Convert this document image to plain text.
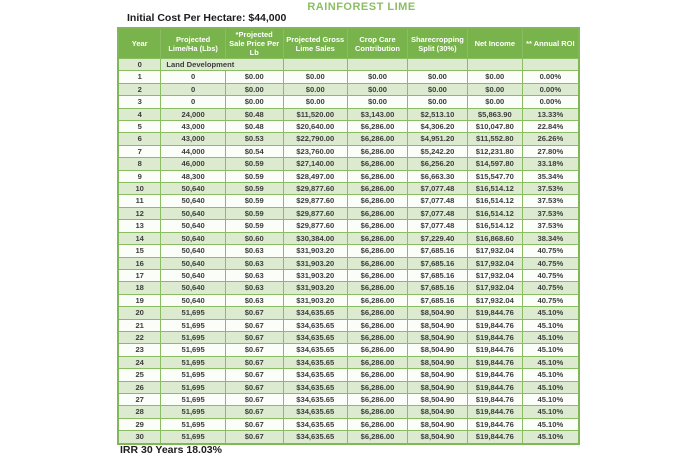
RAINFOREST LIME
Initial Cost Per Hectare: $44,000
Year	Projected Lime/Ha (Lbs)	*Projected Sale Price Per Lb	Projected Gross Lime Sales	Crop Care Contribution	Sharecropping Split (30%)	Net Income	** Annual ROI
0	Land Development						
1	0	$0.00	$0.00	$0.00	$0.00	$0.00	0.00%
2	0	$0.00	$0.00	$0.00	$0.00	$0.00	0.00%
3	0	$0.00	$0.00	$0.00	$0.00	$0.00	0.00%
4	24,000	$0.48	$11,520.00	$3,143.00	$2,513.10	$5,863.90	13.33%
5	43,000	$0.48	$20,640.00	$6,286.00	$4,306.20	$10,047.80	22.84%
6	43,000	$0.53	$22,790.00	$6,286.00	$4,951.20	$11,552.80	26.26%
7	44,000	$0.54	$23,760.00	$6,286.00	$5,242.20	$12,231.80	27.80%
8	46,000	$0.59	$27,140.00	$6,286.00	$6,256.20	$14,597.80	33.18%
9	48,300	$0.59	$28,497.00	$6,286.00	$6,663.30	$15,547.70	35.34%
10	50,640	$0.59	$29,877.60	$6,286.00	$7,077.48	$16,514.12	37.53%
11	50,640	$0.59	$29,877.60	$6,286.00	$7,077.48	$16,514.12	37.53%
12	50,640	$0.59	$29,877.60	$6,286.00	$7,077.48	$16,514.12	37.53%
13	50,640	$0.59	$29,877.60	$6,286.00	$7,077.48	$16,514.12	37.53%
14	50,640	$0.60	$30,384.00	$6,286.00	$7,229.40	$16,868.60	38.34%
15	50,640	$0.63	$31,903.20	$6,286.00	$7,685.16	$17,932.04	40.75%
16	50,640	$0.63	$31,903.20	$6,286.00	$7,685.16	$17,932.04	40.75%
17	50,640	$0.63	$31,903.20	$6,286.00	$7,685.16	$17,932.04	40.75%
18	50,640	$0.63	$31,903.20	$6,286.00	$7,685.16	$17,932.04	40.75%
19	50,640	$0.63	$31,903.20	$6,286.00	$7,685.16	$17,932.04	40.75%
20	51,695	$0.67	$34,635.65	$6,286.00	$8,504.90	$19,844.76	45.10%
21	51,695	$0.67	$34,635.65	$6,286.00	$8,504.90	$19,844.76	45.10%
22	51,695	$0.67	$34,635.65	$6,286.00	$8,504.90	$19,844.76	45.10%
23	51,695	$0.67	$34,635.65	$6,286.00	$8,504.90	$19,844.76	45.10%
24	51,695	$0.67	$34,635.65	$6,286.00	$8,504.90	$19,844.76	45.10%
25	51,695	$0.67	$34,635.65	$6,286.00	$8,504.90	$19,844.76	45.10%
26	51,695	$0.67	$34,635.65	$6,286.00	$8,504.90	$19,844.76	45.10%
27	51,695	$0.67	$34,635.65	$6,286.00	$8,504.90	$19,844.76	45.10%
28	51,695	$0.67	$34,635.65	$6,286.00	$8,504.90	$19,844.76	45.10%
29	51,695	$0.67	$34,635.65	$6,286.00	$8,504.90	$19,844.76	45.10%
30	51,695	$0.67	$34,635.65	$6,286.00	$8,504.90	$19,844.76	45.10%
IRR 30 Years 18.03%
